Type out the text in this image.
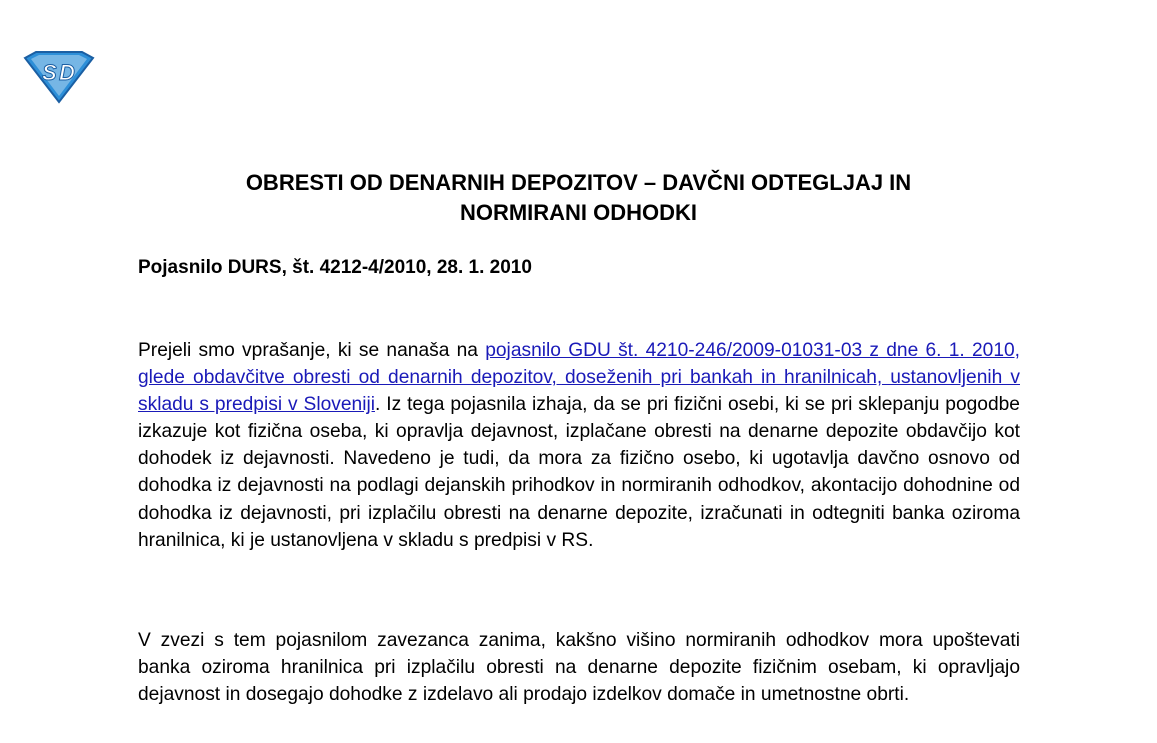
S D
OBRESTI OD DENARNIH DEPOZITOV – DAVČNI ODTEGLJAJ IN
NORMIRANI ODHODKI

Pojasnilo DURS, št. 4212-4/2010, 28. 1. 2010

Prejeli smo vprašanje, ki se nanaša na pojasnilo GDU št. 4210-246/2009-01031-03 z dne 6. 1. 2010, glede obdavčitve obresti od denarnih depozitov, doseženih pri bankah in hranilnicah, ustanovljenih v skladu s predpisi v Sloveniji. Iz tega pojasnila izhaja, da se pri fizični osebi, ki se pri sklepanju pogodbe izkazuje kot fizična oseba, ki opravlja dejavnost, izplačane obresti na denarne depozite obdavčijo kot dohodek iz dejavnosti. Navedeno je tudi, da mora za fizično osebo, ki ugotavlja davčno osnovo od dohodka iz dejavnosti na podlagi dejanskih prihodkov in normiranih odhodkov, akontacijo dohodnine od dohodka iz dejavnosti, pri izplačilu obresti na denarne depozite, izračunati in odtegniti banka oziroma hranilnica, ki je ustanovljena v skladu s predpisi v RS.

V zvezi s tem pojasnilom zavezanca zanima, kakšno višino normiranih odhodkov mora upoštevati banka oziroma hranilnica pri izplačilu obresti na denarne depozite fizičnim osebam, ki opravljajo dejavnost in dosegajo dohodke z izdelavo ali prodajo izdelkov domače in umetnostne obrti.
